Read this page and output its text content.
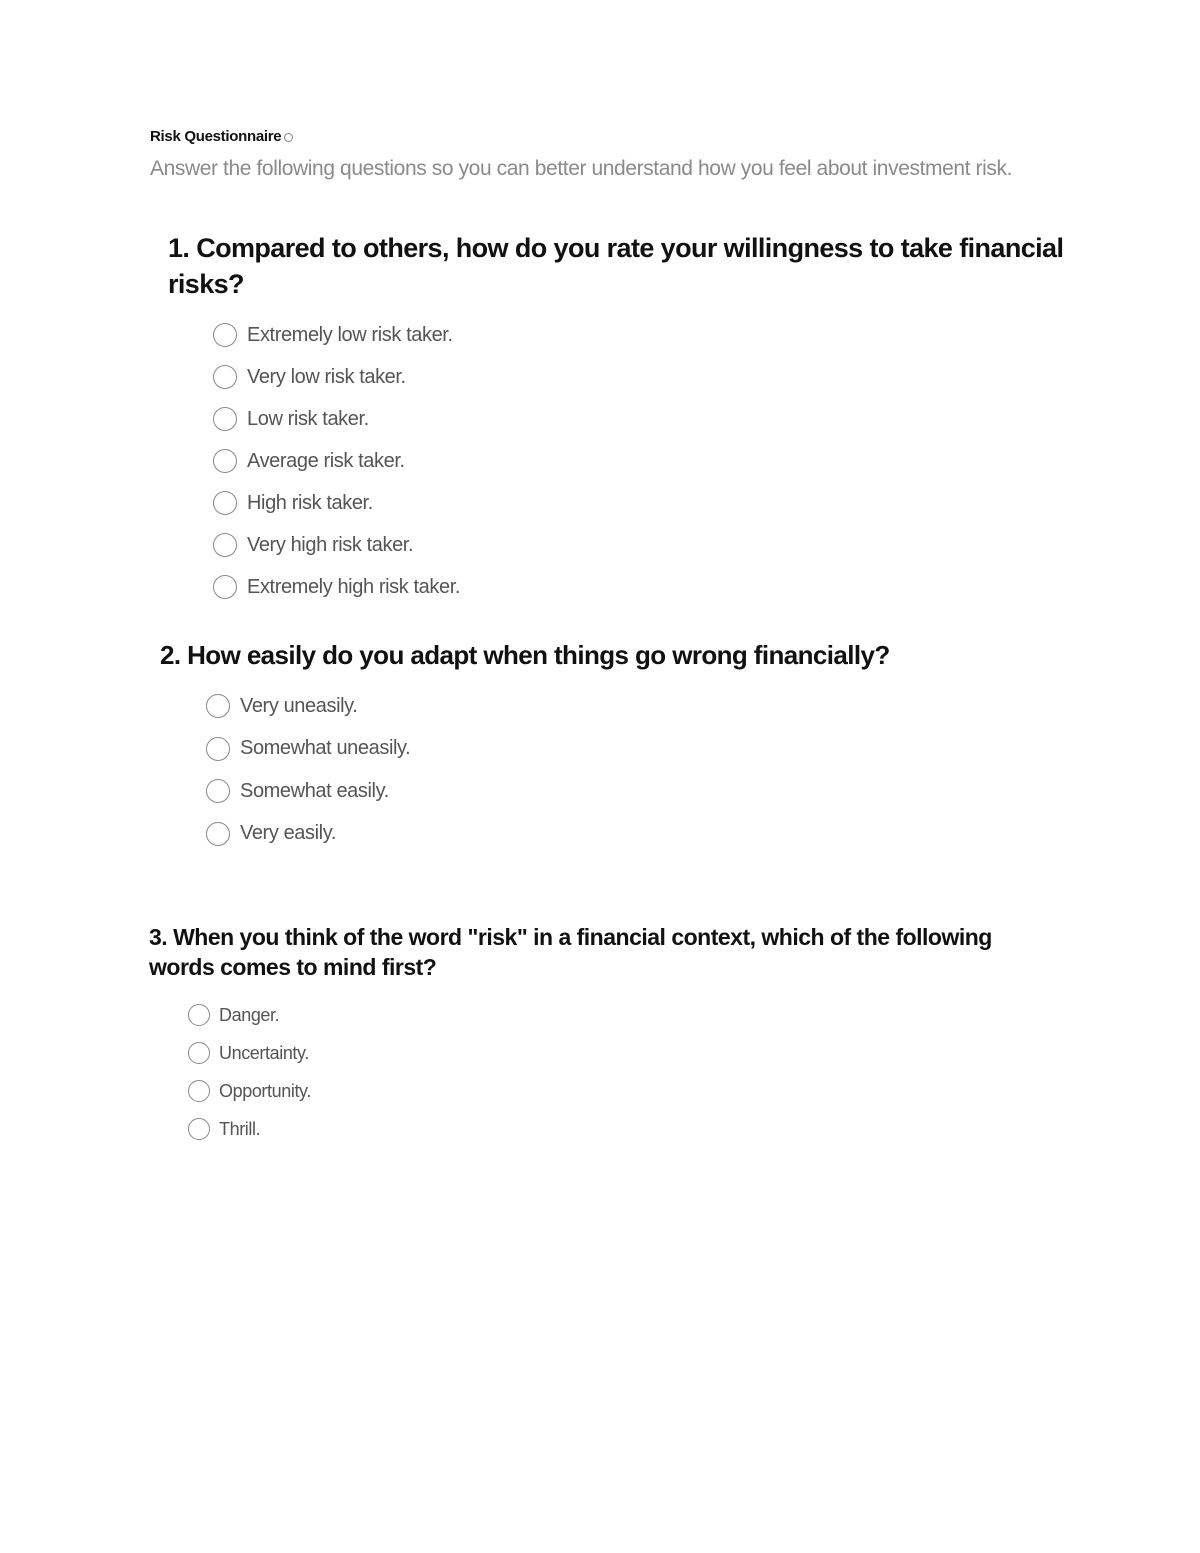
Risk Questionnaire
Answer the following questions so you can better understand how you feel about investment risk.
1. Compared to others, how do you rate your willingness to take financial risks?
Extremely low risk taker.
Very low risk taker.
Low risk taker.
Average risk taker.
High risk taker.
Very high risk taker.
Extremely high risk taker.
2. How easily do you adapt when things go wrong financially?
Very uneasily.
Somewhat uneasily.
Somewhat easily.
Very easily.
3. When you think of the word "risk" in a financial context, which of the following words comes to mind first?
Danger.
Uncertainty.
Opportunity.
Thrill.
